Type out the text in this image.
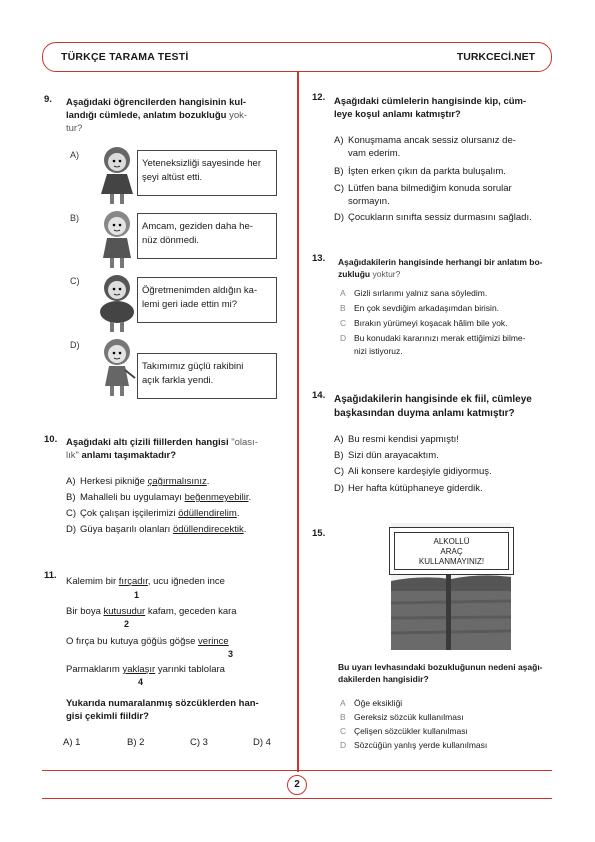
TÜRKÇE TARAMA TESTİ	TURKCECİ.NET
2
9. Aşağıdaki öğrencilerden hangisinin kul-
landığı cümlede, anlatım bozukluğu yok-
tur?
A)
Yeteneksizliği sayesinde her
şeyi altüst etti.
B)
Amcam, geziden daha he-
nüz dönmedi.
C)
Öğretmenimden aldığın ka-
lemi geri iade ettin mi?
D)
Takımımız güçlü rakibini
açık farkla yendi.
10. Aşağıdaki altı çizili fiillerden hangisi "olası-
lık" anlamı taşımaktadır?
A) Herkesi pikniğe çağırmalısınız.
B) Mahalleli bu uygulamayı beğenmeyebilir.
C) Çok çalışan işçilerimizi ödüllendirelim.
D) Güya başarılı olanları ödüllendirecektik.
11.
Kalemim bir fırçadır, ucu iğneden ince
1
Bir boya kutusudur kafam, geceden kara
2
O fırça bu kutuya göğüs göğse verince
3
Parmaklarım yaklaşır yarınki tablolara
4
Yukarıda numaralanmış sözcüklerden han-
gisi çekimli fiildir?
A) 1	B) 2	C) 3	D) 4
12. Aşağıdaki cümlelerin hangisinde kip, cüm-
leye koşul anlamı katmıştır?
A) Konuşmama ancak sessiz olursanız de-
vam ederim.
B) İşten erken çıkın da parkta buluşalım.
C) Lütfen bana bilmediğim konuda sorular
sormayın.
D) Çocukların sınıfta sessiz durmasını sağladı.
13. Aşağıdakilerin hangisinde herhangi bir anlatım bo-
zukluğu yoktur?
A Gizli sırlarımı yalnız sana söyledim.
B En çok sevdiğim arkadaşımdan birisin.
C Bırakın yürümeyi koşacak hâlim bile yok.
D Bu konudaki kararınızı merak ettiğimizi bilme-
nizi istiyoruz.
14. Aşağıdakilerin hangisinde ek fiil, cümleye
başkasından duyma anlamı katmıştır?
A) Bu resmi kendisi yapmıştı!
B) Sizi dün arayacaktım.
C) Ali konsere kardeşiyle gidiyormuş.
D) Her hafta kütüphaneye giderdik.
15.
ALKOLLÜ
ARAÇ
KULLANMAYINIZ!
Bu uyarı levhasındaki bozukluğunun nedeni aşağı-
dakilerden hangisidir?
A Öğe eksikliği
B Gereksiz sözcük kullanılması
C Çelişen sözcükler kullanılması
D Sözcüğün yanlış yerde kullanılması
